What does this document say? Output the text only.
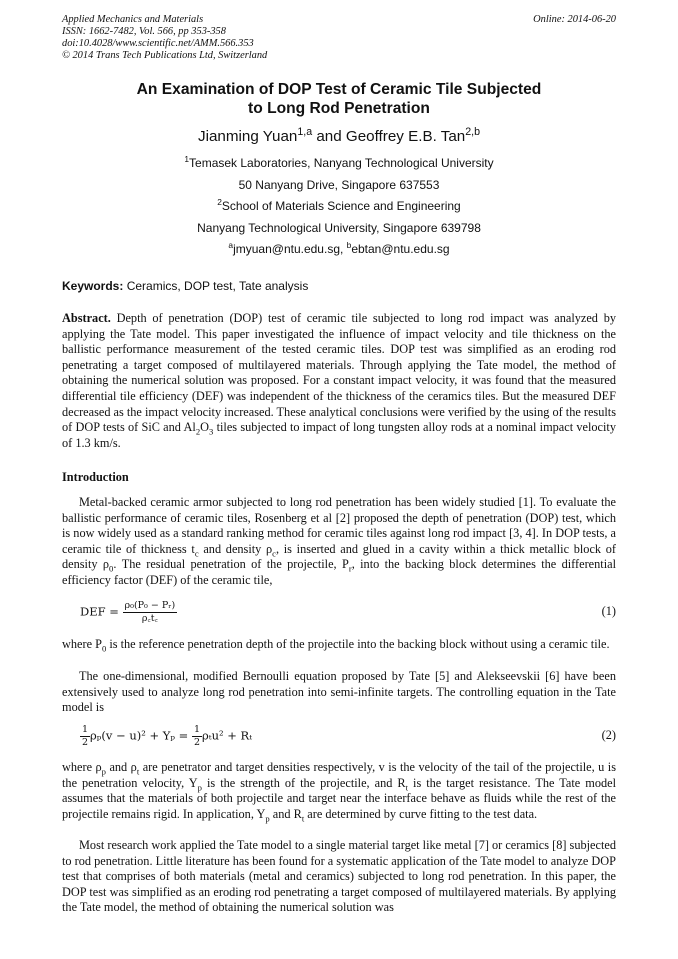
Applied Mechanics and Materials
ISSN: 1662-7482, Vol. 566, pp 353-358
doi:10.4028/www.scientific.net/AMM.566.353
© 2014 Trans Tech Publications Ltd, Switzerland
Online: 2014-06-20
An Examination of DOP Test of Ceramic Tile Subjected
to Long Rod Penetration
Jianming Yuan$^{1,a}$ and Geoffrey E.B. Tan$^{2,b}$
$^1$Temasek Laboratories, Nanyang Technological University
50 Nanyang Drive, Singapore 637553
$^2$School of Materials Science and Engineering
Nanyang Technological University, Singapore 639798
$^a$jmyuan@ntu.edu.sg, $^b$ebtan@ntu.edu.sg
Keywords: Ceramics, DOP test, Tate analysis

Abstract. Depth of penetration (DOP) test of ceramic tile subjected to long rod impact was analyzed by applying the Tate model. This paper investigated the influence of impact velocity and tile thickness on the ballistic performance measurement of the tested ceramic tiles. DOP test was simplified as an eroding rod penetrating a target composed of multilayered materials. Through applying the Tate model, the method of obtaining the numerical solution was proposed. For a constant impact velocity, it was found that the measured differential tile efficiency (DEF) was independent of the thickness of the ceramics tiles. But the measured DEF decreased as the impact velocity increased. These analytical conclusions were verified by the using of the results of DOP tests of SiC and $Al_2O_3$ tiles subjected to impact of long tungsten alloy rods at a nominal impact velocity of 1.3 km/s.

Introduction

Metal-backed ceramic armor subjected to long rod penetration has been widely studied [1]. To evaluate the ballistic performance of ceramic tiles, Rosenberg et al [2] proposed the depth of penetration (DOP) test, which is now widely used as a standard ranking method for ceramic tiles against long rod impact [3, 4]. In DOP tests, a ceramic tile of thickness $t_c$ and density $\rho_c$, is inserted and glued in a cavity within a thick metallic block of density $\rho_0$. The residual penetration of the projectile, $P_r$, into the backing block determines the differential efficiency factor (DEF) of the ceramic tile,

DEF = $\frac{\text{ρ₀(P₀ − Pᵣ)}}{\rho꜀t꜀}$	(1)

where $P_0$ is the reference penetration depth of the projectile into the backing block without using a ceramic tile.

The one-dimensional, modified Bernoulli equation proposed by Tate [5] and Alekseevskii [6] have been extensively used to analyze long rod penetration into semi-infinite targets. The controlling equation in the Tate model is

$\frac{1}{2} \rho_p(v - u)^2 + Y_p = \frac{1}{2} \rho_tu^2 + R_t$	(2)

where $\rho_p$ and $\rho_t$ are penetrator and target densities respectively, v is the velocity of the tail of the projectile, u is the penetration velocity, $Y_p$ is the strength of the projectile, and $R_t$ is the target resistance. The Tate model assumes that the materials of both projectile and target near the interface behave as fluids while the rest of the projectile remains rigid. In application, $Y_p$ and $R_t$ are determined by curve fitting to the test data.

Most research work applied the Tate model to a single material target like metal [7] or ceramics [8] subjected to rod penetration. Little literature has been found for a systematic application of the Tate model to analyze DOP test that comprises of both materials (metal and ceramics) subjected to long rod penetration. In this paper, the DOP test was simplified as an eroding rod penetrating a target composed of multilayered materials. By applying the Tate model, the method of obtaining the numerical solution was
